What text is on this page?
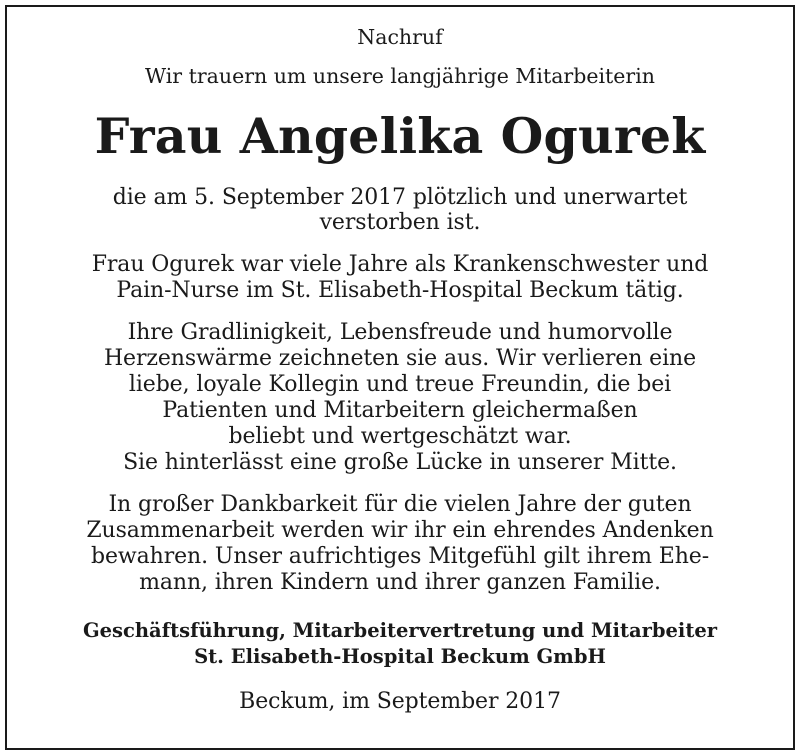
Nachruf
Wir trauern um unsere langjährige Mitarbeiterin
Frau Angelika Ogurek
die am 5. September 2017 plötzlich und unerwartet
verstorben ist.
Frau Ogurek war viele Jahre als Krankenschwester und
Pain-Nurse im St. Elisabeth-Hospital Beckum tätig.
Ihre Gradlinigkeit, Lebensfreude und humorvolle
Herzenswärme zeichneten sie aus. Wir verlieren eine
liebe, loyale Kollegin und treue Freundin, die bei
Patienten und Mitarbeitern gleichermaßen
beliebt und wertgeschätzt war.
Sie hinterlässt eine große Lücke in unserer Mitte.
In großer Dankbarkeit für die vielen Jahre der guten
Zusammenarbeit werden wir ihr ein ehrendes Andenken
bewahren. Unser aufrichtiges Mitgefühl gilt ihrem Ehe-
mann, ihren Kindern und ihrer ganzen Familie.
Geschäftsführung, Mitarbeitervertretung und Mitarbeiter
St. Elisabeth-Hospital Beckum GmbH
Beckum, im September 2017
